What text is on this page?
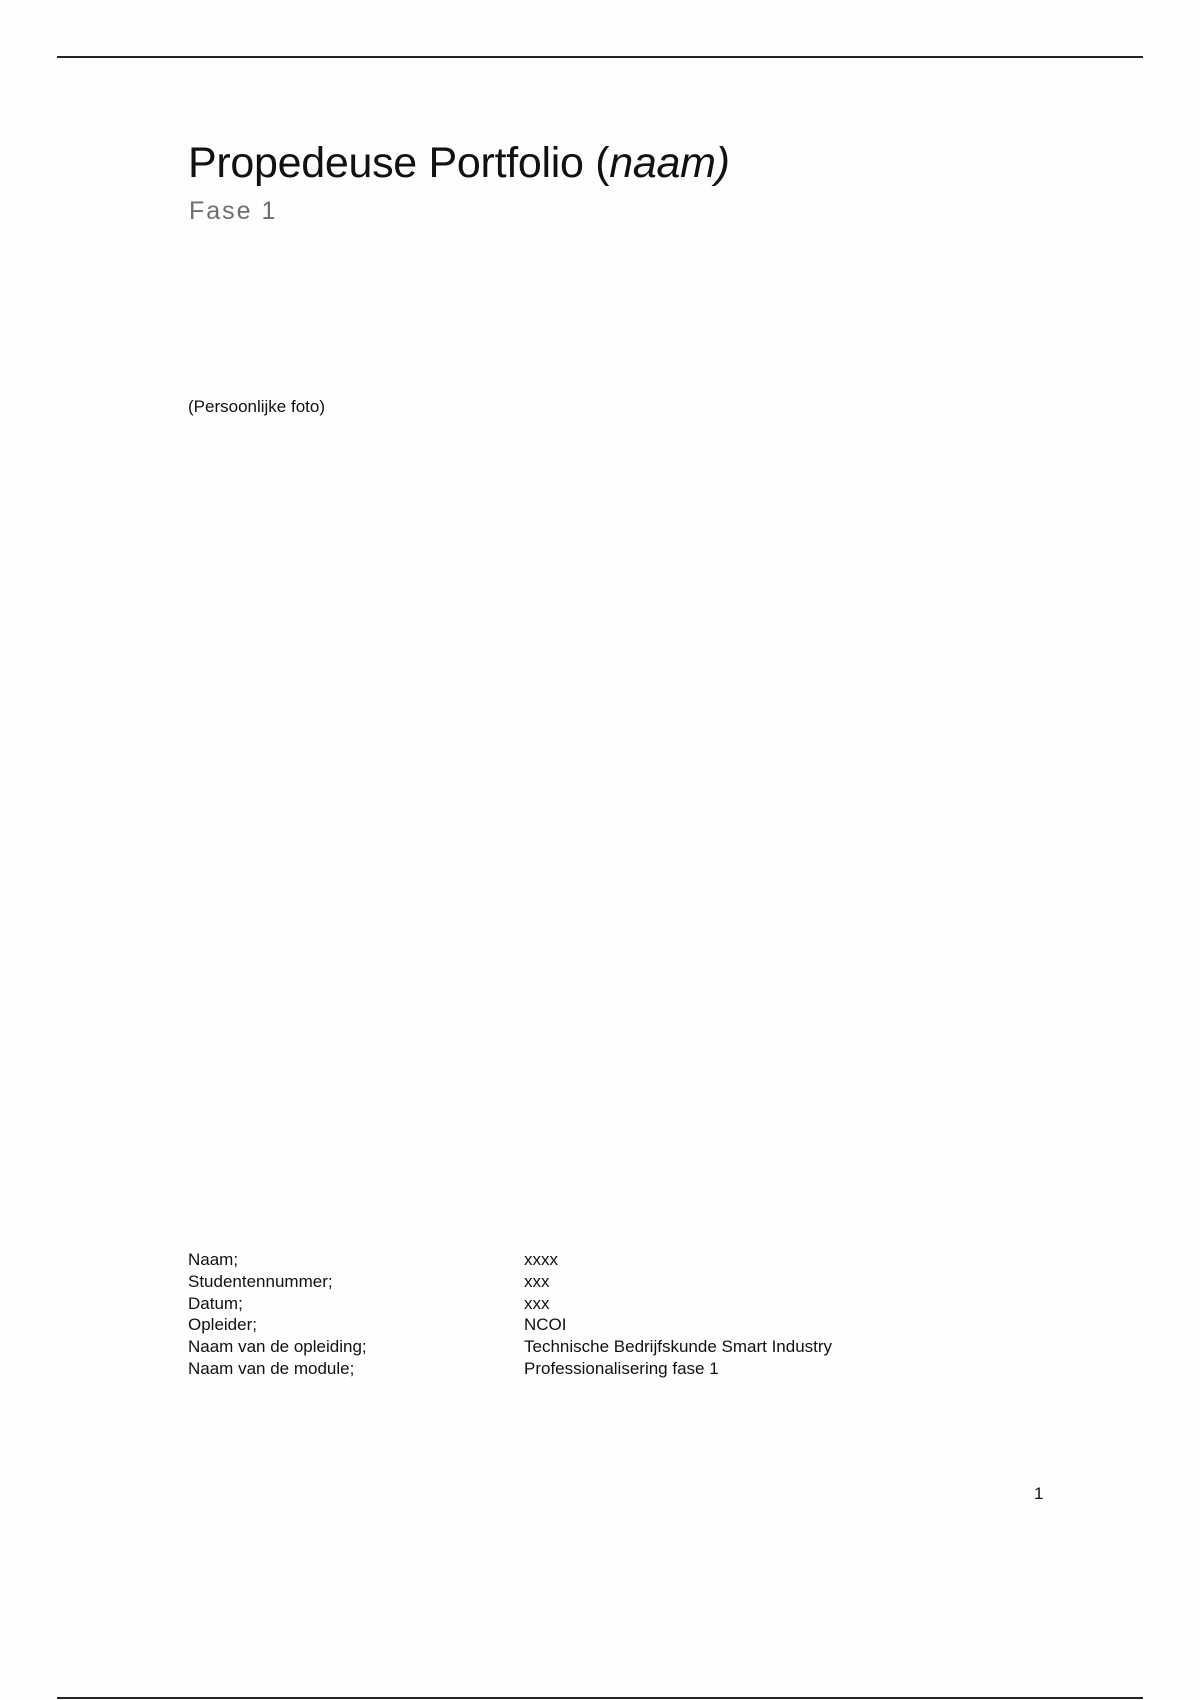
Propedeuse Portfolio (naam)
Fase 1
(Persoonlijke foto)
Naam;	xxxx
Studentennummer;	xxx
Datum;	xxx
Opleider;	NCOI
Naam van de opleiding;	Technische Bedrijfskunde Smart Industry
Naam van de module;	Professionalisering fase 1
1
